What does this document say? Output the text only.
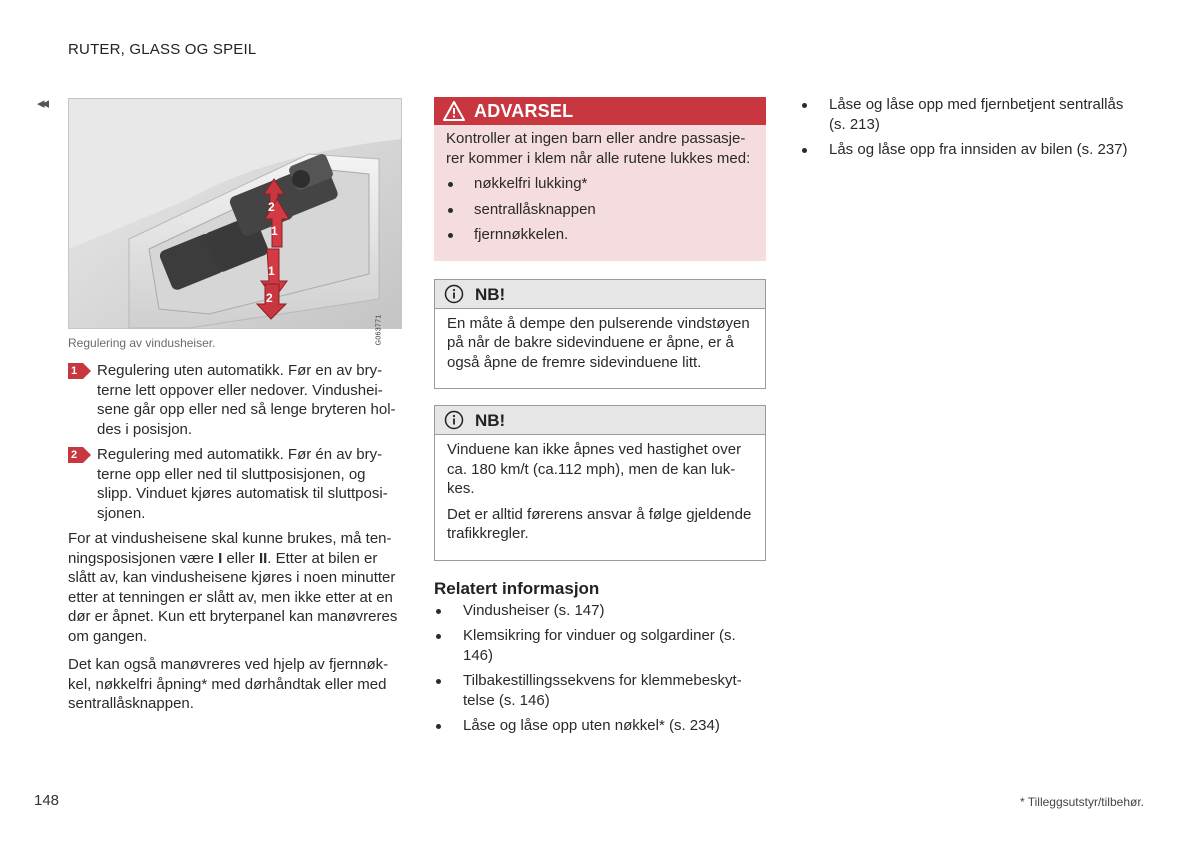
RUTER, GLASS OG SPEIL
◂◂
2
1
1
2
G063771
Regulering av vindusheiser.
1 Regulering uten automatikk. Før en av bryterne lett oppover eller nedover. Vindusheisene går opp eller ned så lenge bryteren holdes i posisjon.
2 Regulering med automatikk. Før én av bryterne opp eller ned til sluttposisjonen, og slipp. Vinduet kjøres automatisk til sluttposisjonen.

For at vindusheisene skal kunne brukes, må tenningsposisjonen være I eller II. Etter at bilen er slått av, kan vindusheisene kjøres i noen minutter etter at tenningen er slått av, men ikke etter at en dør er åpnet. Kun ett bryterpanel kan manøvreres om gangen.

Det kan også manøvreres ved hjelp av fjernnøkkel, nøkkelfri åpning* med dørhåndtak eller med sentrallåsknappen.

ADVARSEL

Kontroller at ingen barn eller andre passasjerer kommer i klem når alle rutene lukkes med:

nøkkelfri lukking*
sentrallåsknappen
fjernnøkkelen.
NB!

En måte å dempe den pulserende vindstøyen på når de bakre sidevinduene er åpne, er å også åpne de fremre sidevinduene litt.

NB!

Vinduene kan ikke åpnes ved hastighet over ca. 180 km/t (ca.112 mph), men de kan lukkes.

Det er alltid førerens ansvar å følge gjeldende trafikkregler.

Relatert informasjon
Vindusheiser (s. 147)
Klemsikring for vinduer og solgardiner (s. 146)
Tilbakestillingssekvens for klemmebeskyttelse (s. 146)
Låse og låse opp uten nøkkel* (s. 234)
Låse og låse opp med fjernbetjent sentrallås (s. 213)
Lås og låse opp fra innsiden av bilen (s. 237)
148	* Tilleggsutstyr/tilbehør.
